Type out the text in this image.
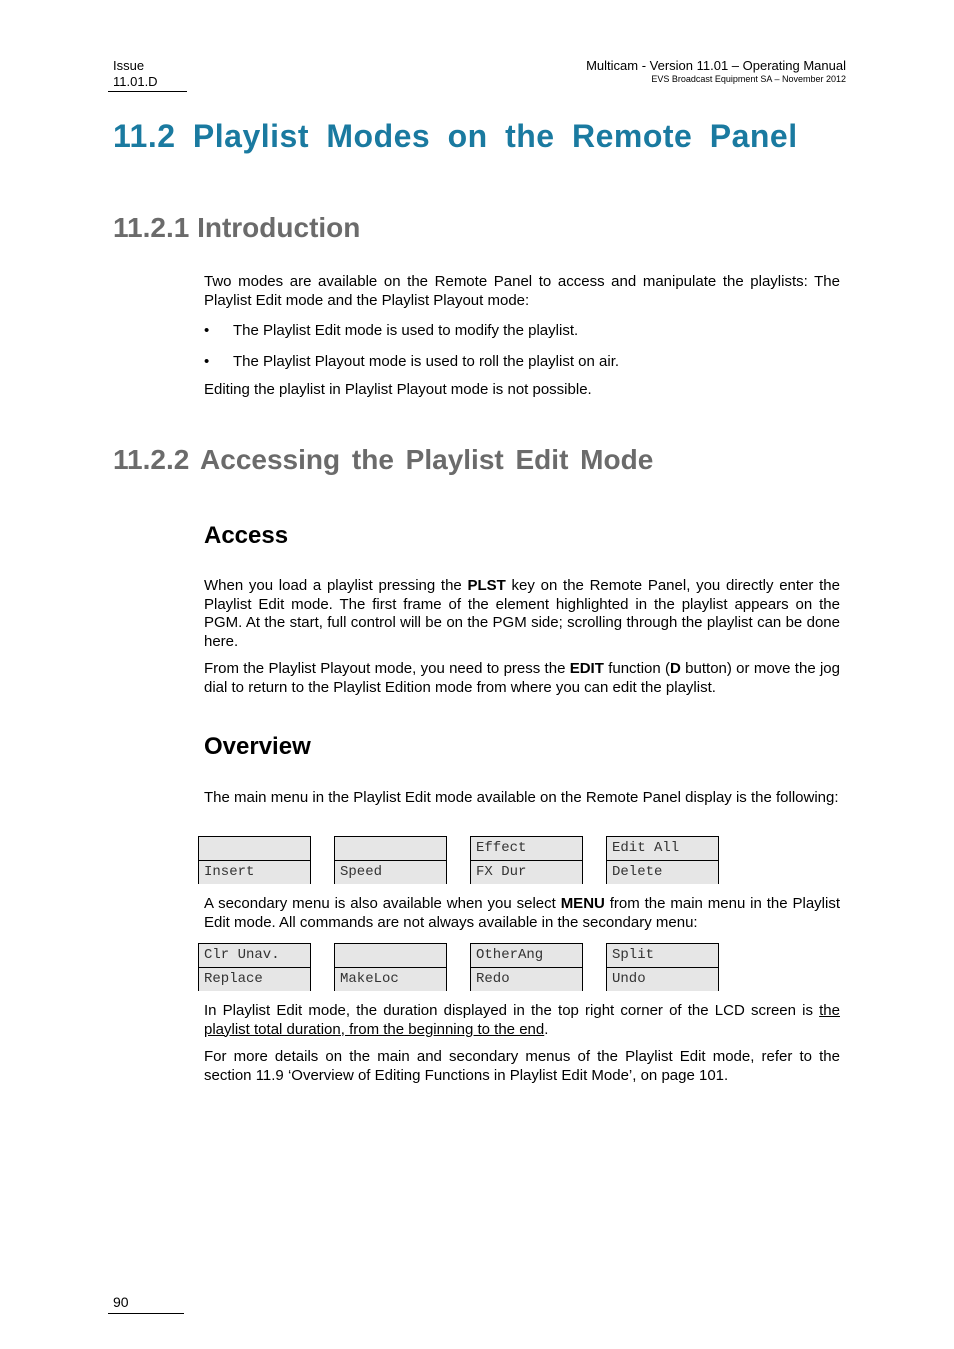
Issue
11.01.D
Multicam - Version 11.01 – Operating Manual
EVS Broadcast Equipment SA – November 2012
11.2 Playlist Modes on the Remote Panel
11.2.1 Introduction

Two modes are available on the Remote Panel to access and manipulate the playlists: The Playlist Edit mode and the Playlist Playout mode:

• The Playlist Edit mode is used to modify the playlist.
• The Playlist Playout mode is used to roll the playlist on air.

Editing the playlist in Playlist Playout mode is not possible.

11.2.2 Accessing the Playlist Edit Mode
Access

When you load a playlist pressing the PLST key on the Remote Panel, you directly enter the Playlist Edit mode. The first frame of the element highlighted in the playlist appears on the PGM. At the start, full control will be on the PGM side; scrolling through the playlist can be done here.

From the Playlist Playout mode, you need to press the EDIT function (D button) or move the jog dial to return to the Playlist Edition mode from where you can edit the playlist.

Overview

The main menu in the Playlist Edit mode available on the Remote Panel display is the following:

Insert	Speed
Effect
FX Dur
Edit All
Delete

A secondary menu is also available when you select MENU from the main menu in the Playlist Edit mode. All commands are not always available in the secondary menu:

Clr Unav.
Replace	MakeLoc
OtherAng
Redo
Split
Undo

In Playlist Edit mode, the duration displayed in the top right corner of the LCD screen is the playlist total duration, from the beginning to the end.

For more details on the main and secondary menus of the Playlist Edit mode, refer to the section 11.9 ‘Overview of Editing Functions in Playlist Edit Mode’, on page 101.

90
